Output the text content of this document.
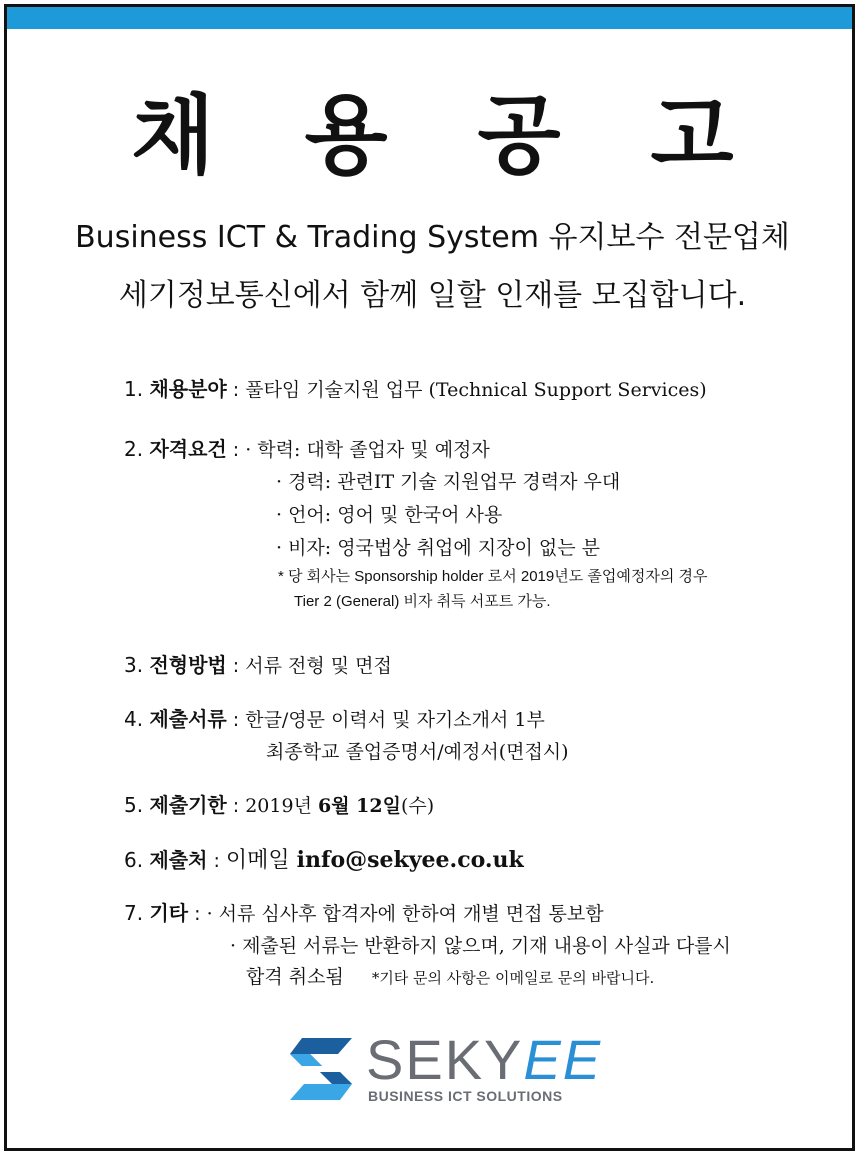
채 용 공 고
Business ICT & Trading System 유지보수 전문업체
세기정보통신에서 함께 일할 인재를 모집합니다.
1. 채용분야 : 풀타임 기술지원 업무 (Technical Support Services)
2. 자격요건 : · 학력: 대학 졸업자 및 예정자
· 경력: 관련IT 기술 지원업무 경력자 우대
· 언어: 영어 및 한국어 사용
· 비자: 영국법상 취업에 지장이 없는 분
* 당 회사는 Sponsorship holder 로서 2019년도 졸업예정자의 경우
Tier 2 (General) 비자 취득 서포트 가능.
3. 전형방법 : 서류 전형 및 면접
4. 제출서류 : 한글/영문 이력서 및 자기소개서 1부
최종학교 졸업증명서/예정서(면접시)
5. 제출기한 : 2019년 6월 12일(수)
6. 제출처 : 이메일 info@sekyee.co.uk
7. 기타 : · 서류 심사후 합격자에 한하여 개별 면접 통보함
· 제출된 서류는 반환하지 않으며, 기재 내용이 사실과 다를시
합격 취소됨 *기타 문의 사항은 이메일로 문의 바랍니다.
SEKYEE
BUSINESS ICT SOLUTIONS
